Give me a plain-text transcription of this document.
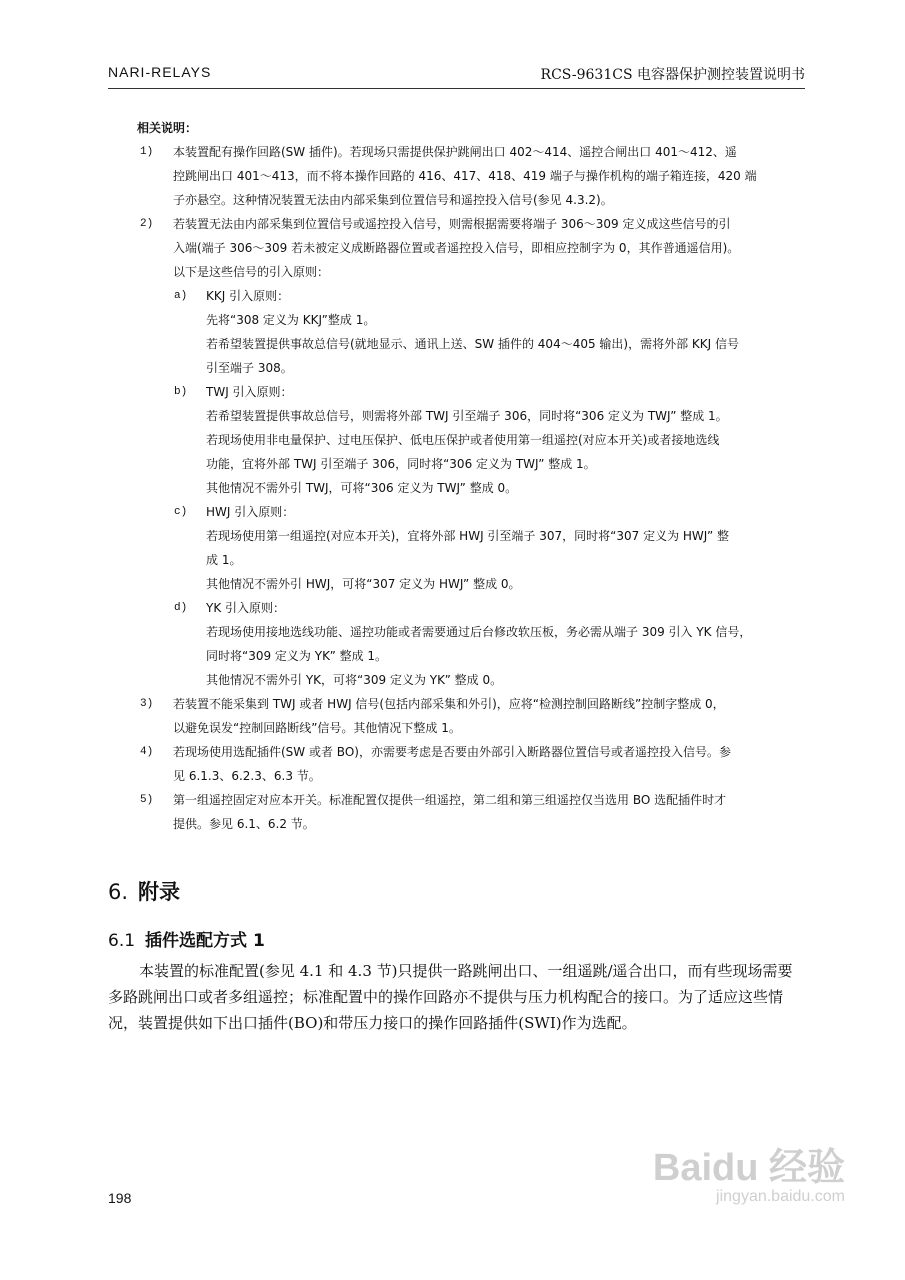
NARI-RELAYS	RCS-9631CS 电容器保护测控装置说明书
相关说明：
1) 本装置配有操作回路(SW 插件)。若现场只需提供保护跳闸出口 402～414、遥控合闸出口 401～412、遥
控跳闸出口 401～413，而不将本操作回路的 416、417、418、419 端子与操作机构的端子箱连接，420 端
子亦悬空。这种情况装置无法由内部采集到位置信号和遥控投入信号(参见 4.3.2)。
2) 若装置无法由内部采集到位置信号或遥控投入信号，则需根据需要将端子 306～309 定义成这些信号的引
入端(端子 306～309 若未被定义成断路器位置或者遥控投入信号，即相应控制字为 0，其作普通遥信用)。
以下是这些信号的引入原则：
a) KKJ 引入原则：
先将“308 定义为 KKJ”整成 1。
若希望装置提供事故总信号(就地显示、通讯上送、SW 插件的 404～405 输出)，需将外部 KKJ 信号
引至端子 308。
b) TWJ 引入原则：
若希望装置提供事故总信号，则需将外部 TWJ 引至端子 306，同时将“306 定义为 TWJ” 整成 1。
若现场使用非电量保护、过电压保护、低电压保护或者使用第一组遥控(对应本开关)或者接地选线
功能，宜将外部 TWJ 引至端子 306，同时将“306 定义为 TWJ” 整成 1。
其他情况不需外引 TWJ，可将“306 定义为 TWJ” 整成 0。
c) HWJ 引入原则：
若现场使用第一组遥控(对应本开关)，宜将外部 HWJ 引至端子 307，同时将“307 定义为 HWJ” 整
成 1。
其他情况不需外引 HWJ，可将“307 定义为 HWJ” 整成 0。
d) YK 引入原则：
若现场使用接地选线功能、遥控功能或者需要通过后台修改软压板，务必需从端子 309 引入 YK 信号，
同时将“309 定义为 YK” 整成 1。
其他情况不需外引 YK，可将“309 定义为 YK” 整成 0。
3) 若装置不能采集到 TWJ 或者 HWJ 信号(包括内部采集和外引)，应将“检测控制回路断线”控制字整成 0，
以避免误发“控制回路断线”信号。其他情况下整成 1。
4) 若现场使用选配插件(SW 或者 BO)，亦需要考虑是否要由外部引入断路器位置信号或者遥控投入信号。参
见 6.1.3、6.2.3、6.3 节。
5) 第一组遥控固定对应本开关。标准配置仅提供一组遥控，第二组和第三组遥控仅当选用 BO 选配插件时才
提供。参见 6.1、6.2 节。
6. 附录
6.1 插件选配方式 1
本装置的标准配置(参见 4.1 和 4.3 节)只提供一路跳闸出口、一组遥跳/遥合出口，而有些现场需要多路跳闸出口或者多组遥控；标准配置中的操作回路亦不提供与压力机构配合的接口。为了适应这些情况，装置提供如下出口插件(BO)和带压力接口的操作回路插件(SWI)作为选配。
198
Baidu 经验
jingyan.baidu.com
